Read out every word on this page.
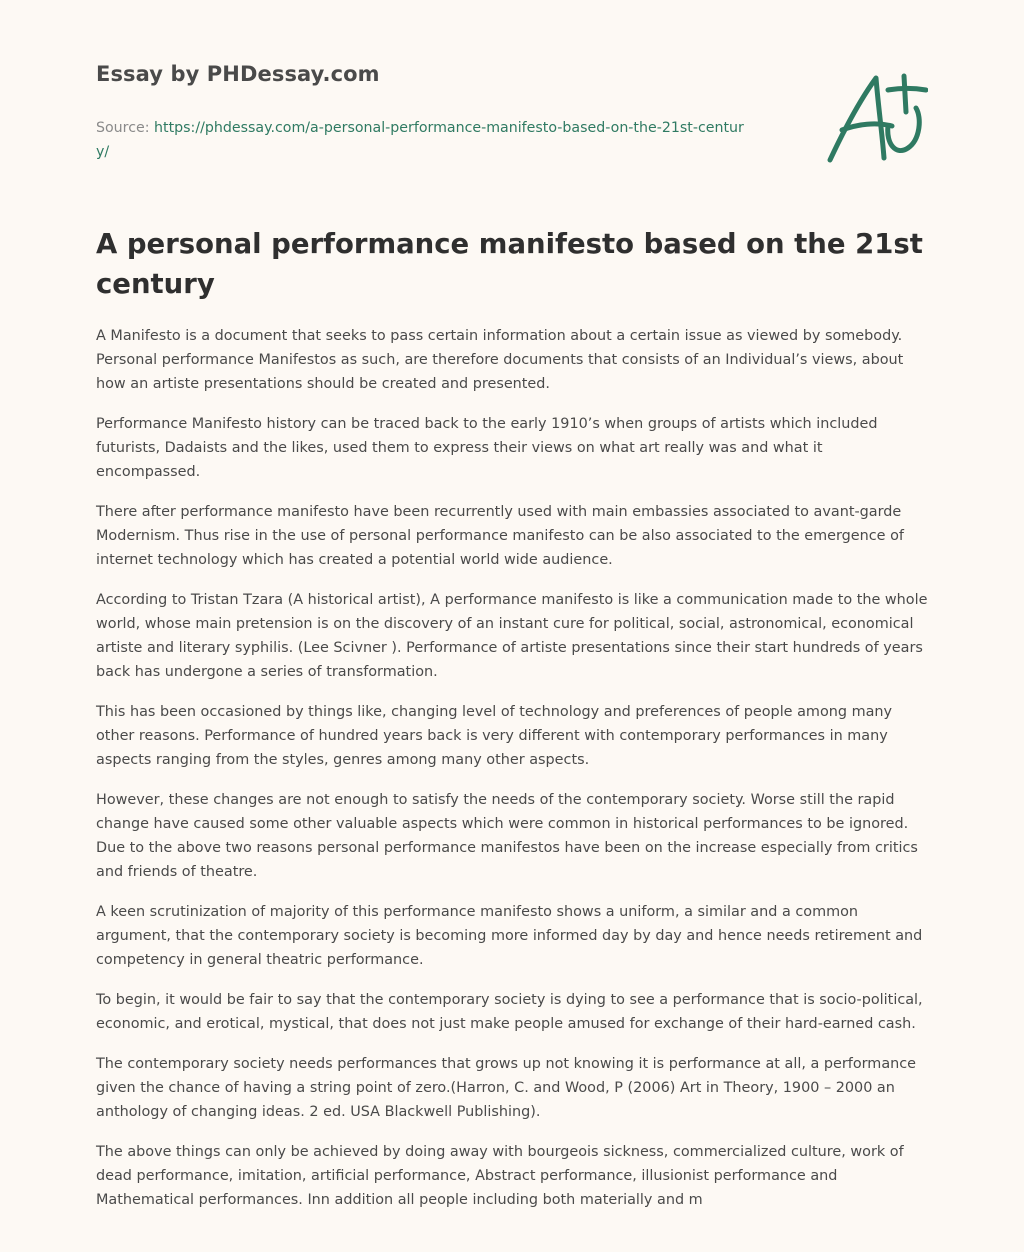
Essay by PHDessay.com
Source: https://phdessay.com/a-personal-performance-manifesto-based-on-the-21st-century/
A personal performance manifesto based on the 21st century

A Manifesto is a document that seeks to pass certain information about a certain issue as viewed by somebody. Personal performance Manifestos as such, are therefore documents that consists of an Individual’s views, about how an artiste presentations should be created and presented.

Performance Manifesto history can be traced back to the early 1910’s when groups of artists which included futurists, Dadaists and the likes, used them to express their views on what art really was and what it encompassed.

There after performance manifesto have been recurrently used with main embassies associated to avant-garde Modernism. Thus rise in the use of personal performance manifesto can be also associated to the emergence of internet technology which has created a potential world wide audience.

According to Tristan Tzara (A historical artist), A performance manifesto is like a communication made to the whole world, whose main pretension is on the discovery of an instant cure for political, social, astronomical, economical artiste and literary syphilis. (Lee Scivner ). Performance of artiste presentations since their start hundreds of years back has undergone a series of transformation.

This has been occasioned by things like, changing level of technology and preferences of people among many other reasons. Performance of hundred years back is very different with contemporary performances in many aspects ranging from the styles, genres among many other aspects.

However, these changes are not enough to satisfy the needs of the contemporary society. Worse still the rapid change have caused some other valuable aspects which were common in historical performances to be ignored. Due to the above two reasons personal performance manifestos have been on the increase especially from critics and friends of theatre.

A keen scrutinization of majority of this performance manifesto shows a uniform, a similar and a common argument, that the contemporary society is becoming more informed day by day and hence needs retirement and competency in general theatric performance.

To begin, it would be fair to say that the contemporary society is dying to see a performance that is socio-political, economic, and erotical, mystical, that does not just make people amused for exchange of their hard-earned cash.

The contemporary society needs performances that grows up not knowing it is performance at all, a performance given the chance of having a string point of zero.(Harron, C. and Wood, P (2006) Art in Theory, 1900 – 2000 an anthology of changing ideas. 2 ed. USA Blackwell Publishing).

The above things can only be achieved by doing away with bourgeois sickness, commercialized culture, work of dead performance, imitation, artificial performance, Abstract performance, illusionist performance and Mathematical performances. Inn addition all people including both materially and m
